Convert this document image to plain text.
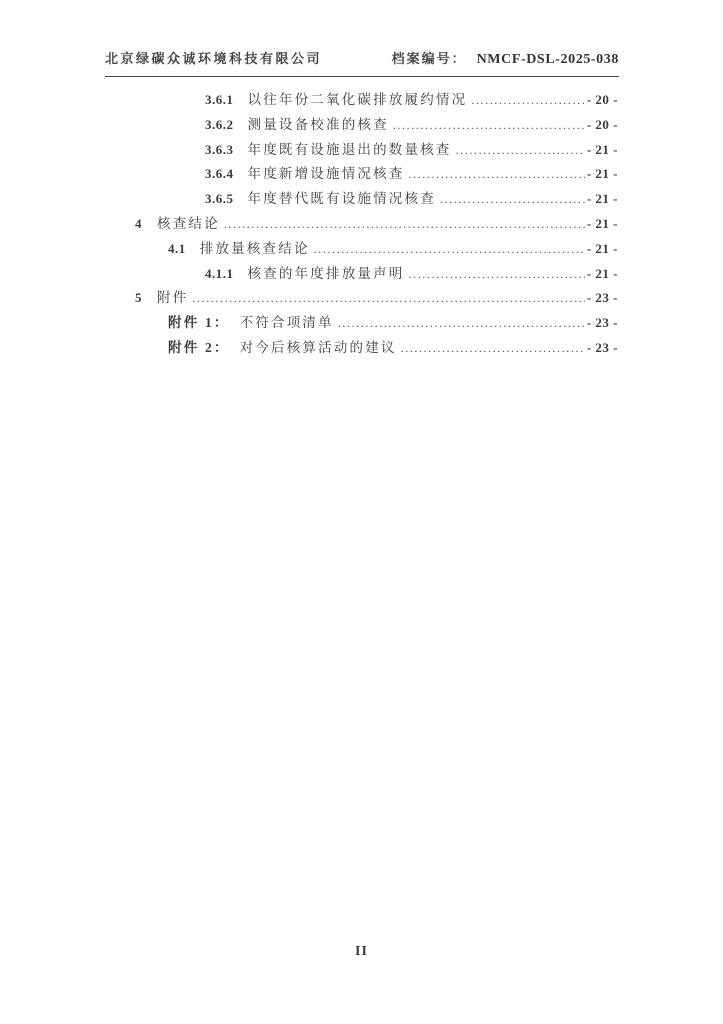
北京绿碳众诚环境科技有限公司	档案编号： NMCF-DSL-2025-038
3.6.1 以往年份二氧化碳排放履约情况 .....	- 20 -
3.6.2 测量设备校准的核查 .....	- 20 -
3.6.3 年度既有设施退出的数量核查 .....	- 21 -
3.6.4 年度新增设施情况核查 .....	- 21 -
3.6.5 年度替代既有设施情况核查 .....	- 21 -
4 核查结论 .....	- 21 -
4.1 排放量核查结论 .....	- 21 -
4.1.1 核查的年度排放量声明 .....	- 21 -
5 附件 .....	- 23 -
附件 1： 不符合项清单 .....	- 23 -
附件 2： 对今后核算活动的建议 .....	- 23 -
II
